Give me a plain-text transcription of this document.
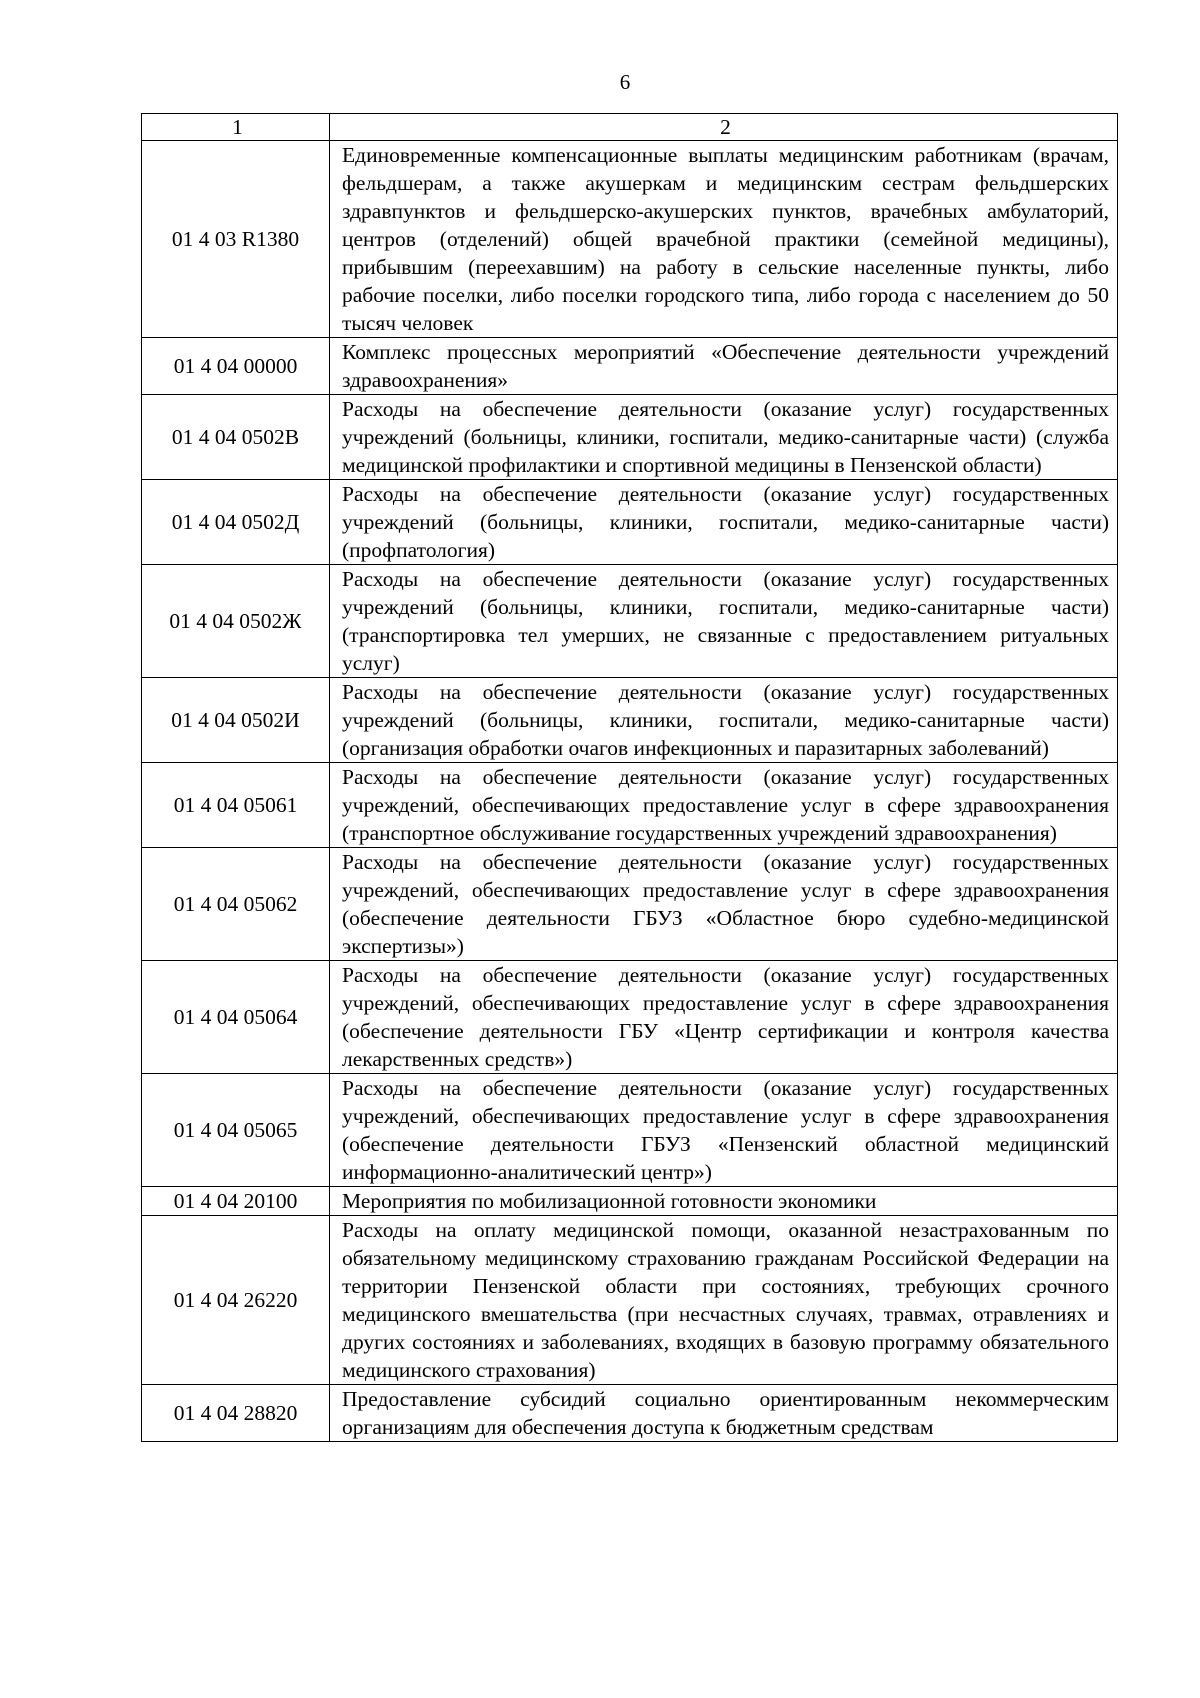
6
1	2
01 4 03 R1380	Единовременные компенсационные выплаты медицинским работникам (врачам, фельдшерам, а также акушеркам и медицинским сестрам фельдшерских здравпунктов и фельдшерско-акушерских пунктов, врачебных амбулаторий, центров (отделений) общей врачебной практики (семейной медицины), прибывшим (переехавшим) на работу в сельские населенные пункты, либо рабочие поселки, либо поселки городского типа, либо города с населением до 50 тысяч человек
01 4 04 00000	Комплекс процессных мероприятий «Обеспечение деятельности учреждений здравоохранения»
01 4 04 0502В	Расходы на обеспечение деятельности (оказание услуг) государственных учреждений (больницы, клиники, госпитали, медико-санитарные части) (служба медицинской профилактики и спортивной медицины в Пензенской области)
01 4 04 0502Д	Расходы на обеспечение деятельности (оказание услуг) государственных учреждений (больницы, клиники, госпитали, медико-санитарные части) (профпатология)
01 4 04 0502Ж	Расходы на обеспечение деятельности (оказание услуг) государственных учреждений (больницы, клиники, госпитали, медико-санитарные части) (транспортировка тел умерших, не связанные с предоставлением ритуальных услуг)
01 4 04 0502И	Расходы на обеспечение деятельности (оказание услуг) государственных учреждений (больницы, клиники, госпитали, медико-санитарные части) (организация обработки очагов инфекционных и паразитарных заболеваний)
01 4 04 05061	Расходы на обеспечение деятельности (оказание услуг) государственных учреждений, обеспечивающих предоставление услуг в сфере здравоохранения (транспортное обслуживание государственных учреждений здравоохранения)
01 4 04 05062	Расходы на обеспечение деятельности (оказание услуг) государственных учреждений, обеспечивающих предоставление услуг в сфере здравоохранения (обеспечение деятельности ГБУЗ «Областное бюро судебно-медицинской экспертизы»)
01 4 04 05064	Расходы на обеспечение деятельности (оказание услуг) государственных учреждений, обеспечивающих предоставление услуг в сфере здравоохранения (обеспечение деятельности ГБУ «Центр сертификации и контроля качества лекарственных средств»)
01 4 04 05065	Расходы на обеспечение деятельности (оказание услуг) государственных учреждений, обеспечивающих предоставление услуг в сфере здравоохранения (обеспечение деятельности ГБУЗ «Пензенский областной медицинский информационно-аналитический центр»)
01 4 04 20100	Мероприятия по мобилизационной готовности экономики
01 4 04 26220	Расходы на оплату медицинской помощи, оказанной незастрахованным по обязательному медицинскому страхованию гражданам Российской Федерации на территории Пензенской области при состояниях, требующих срочного медицинского вмешательства (при несчастных случаях, травмах, отравлениях и других состояниях и заболеваниях, входящих в базовую программу обязательного медицинского страхования)
01 4 04 28820	Предоставление субсидий социально ориентированным некоммерческим организациям для обеспечения доступа к бюджетным средствам
